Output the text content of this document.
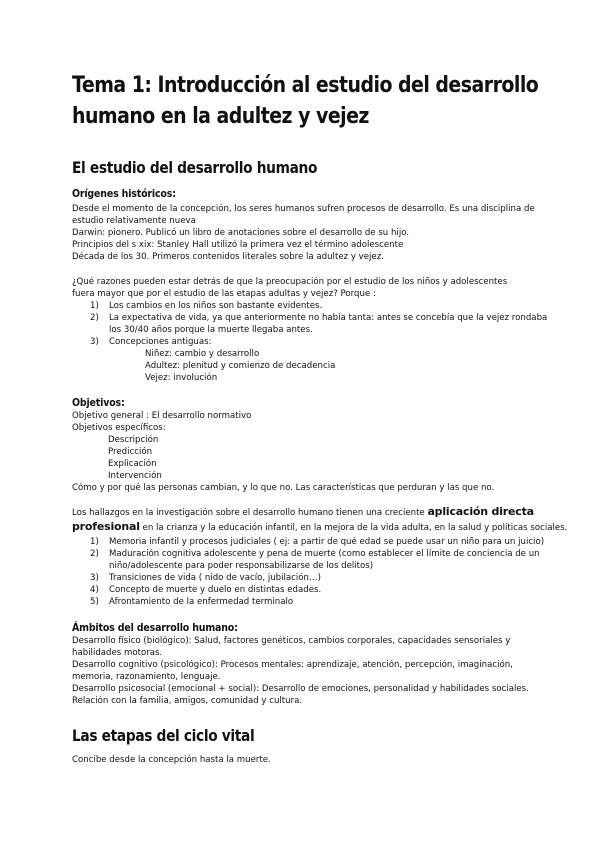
Tema 1: Introducción al estudio del desarrollo
humano en la adultez y vejez
El estudio del desarrollo humano
Orígenes históricos:
Desde el momento de la concepción, los seres humanos sufren procesos de desarrollo. Es una disciplina de
estudio relativamente nueva
Darwin: pionero. Publicó un libro de anotaciones sobre el desarrollo de su hijo.
Principios del s xix: Stanley Hall utilizó la primera vez el término adolescente
Década de los 30. Primeros contenidos literales sobre la adultez y vejez.
¿Qué razones pueden estar detrás de que la preocupación por el estudio de los niños y adolescentes
fuera mayor que por el estudio de las etapas adultas y vejez? Porque :
1) Los cambios en los niños son bastante evidentes.
2) La expectativa de vida, ya que anteriormente no había tanta: antes se concebía que la vejez rondaba
los 30/40 años porque la muerte llegaba antes.
3) Concepciones antiguas:
Niñez: cambio y desarrollo
Adultez: plenitud y comienzo de decadencia
Vejez: involución
Objetivos:
Objetivo general : El desarrollo normativo
Objetivos específicos:
Descripción
Predicción
Explicación
Intervención
Cómo y por qué las personas cambian, y lo que no. Las características que perduran y las que no.
Los hallazgos en la investigación sobre el desarrollo humano tienen una creciente aplicación directa
profesional en la crianza y la educación infantil, en la mejora de la vida adulta, en la salud y políticas sociales.
1) Memoria infantil y procesos judiciales ( ej: a partir de qué edad se puede usar un niño para un juicio)
2) Maduración cognitiva adolescente y pena de muerte (como establecer el límite de conciencia de un
niño/adolescente para poder responsabilizarse de los delitos)
3) Transiciones de vida ( nido de vacío, jubilación…)
4) Concepto de muerte y duelo en distintas edades.
5) Afrontamiento de la enfermedad terminalo
Ámbitos del desarrollo humano:
Desarrollo físico (biológico): Salud, factores genéticos, cambios corporales, capacidades sensoriales y
habilidades motoras.
Desarrollo cognitivo (psicológico): Procesos mentales: aprendizaje, atención, percepción, imaginación,
memoria, razonamiento, lenguaje.
Desarrollo psicosocial (emocional + social): Desarrollo de emociones, personalidad y habilidades sociales.
Relación con la familia, amigos, comunidad y cultura.
Las etapas del ciclo vital
Concibe desde la concepción hasta la muerte.
